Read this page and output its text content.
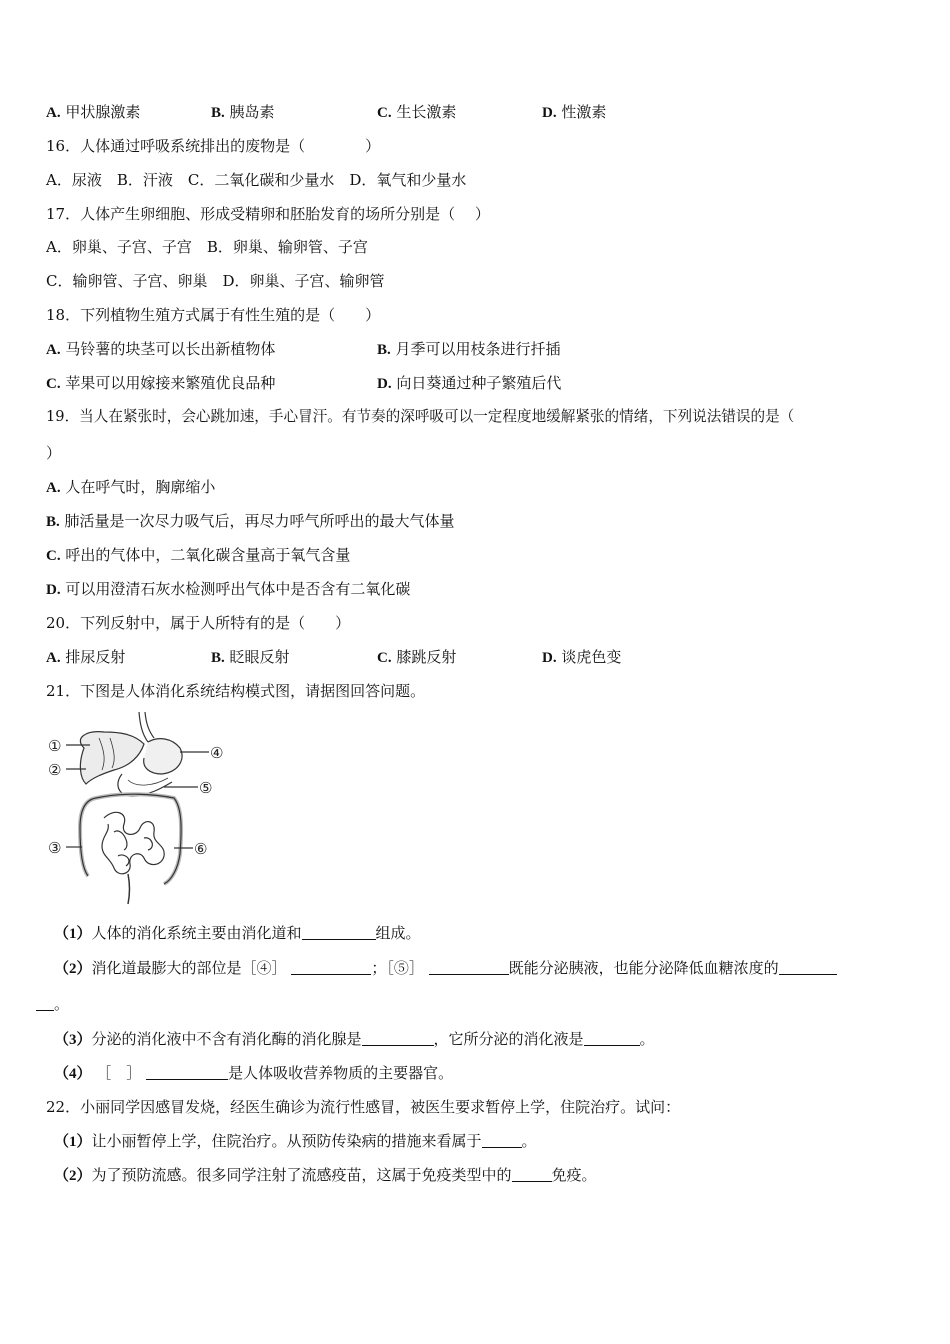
A. 甲状腺激素	B. 胰岛素	C. 生长激素	D. 性激素
16．人体通过呼吸系统排出的废物是（　　　　）
A．尿液　B．汗液　C．二氧化碳和少量水　D．氧气和少量水
17．人体产生卵细胞、形成受精卵和胚胎发育的场所分别是（　 ）
A．卵巢、子宫、子宫　B．卵巢、输卵管、子宫
C．输卵管、子宫、卵巢　D．卵巢、子宫、输卵管
18．下列植物生殖方式属于有性生殖的是（　　）
A. 马铃薯的块茎可以长出新植物体	B. 月季可以用枝条进行扦插
C. 苹果可以用嫁接来繁殖优良品种	D. 向日葵通过种子繁殖后代
19．当人在紧张时，会心跳加速，手心冒汗。有节奏的深呼吸可以一定程度地缓解紧张的情绪，下列说法错误的是（
）
A. 人在呼气时，胸廓缩小
B. 肺活量是一次尽力吸气后，再尽力呼气所呼出的最大气体量
C. 呼出的气体中，二氧化碳含量高于氧气含量
D. 可以用澄清石灰水检测呼出气体中是否含有二氧化碳
20．下列反射中，属于人所特有的是（　　）
A. 排尿反射	B. 眨眼反射	C. 膝跳反射	D. 谈虎色变
21．下图是人体消化系统结构模式图，请据图回答问题。
①
②
③
④
⑤
⑥
（1）人体的消化系统主要由消化道和	组成。
（2）消化道最膨大的部位是［④］	；［⑤］	既能分泌胰液，也能分泌降低血糖浓度的
。
（3）分泌的消化液中不含有消化酶的消化腺是	，它所分泌的消化液是	。
（4） ［　］	是人体吸收营养物质的主要器官。
22．小丽同学因感冒发烧，经医生确诊为流行性感冒，被医生要求暂停上学，住院治疗。试问：
（1）让小丽暂停上学，住院治疗。从预防传染病的措施来看属于	。
（2）为了预防流感。很多同学注射了流感疫苗，这属于免疫类型中的	免疫。
